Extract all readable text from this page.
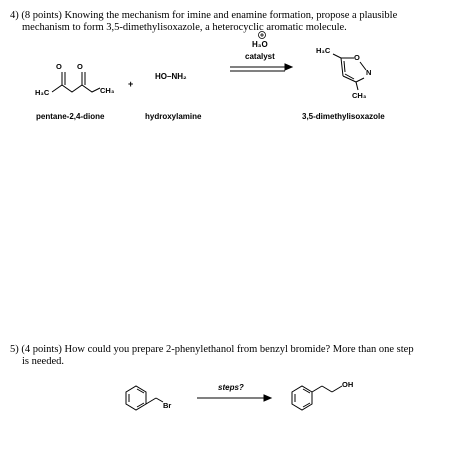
4) (8 points) Knowing the mechanism for imine and enamine formation, propose a plausible

mechanism to form 3,5-dimethylisoxazole, a heterocyclic aromatic molecule.

O O
H₃C	CH₃
pentane-2,4-dione
+
HO–NH₂
hydroxylamine
H₃O
catalyst
H₃C
O
N
CH₃
3,5-dimethylisoxazole

5) (4 points) How could you prepare 2-phenylethanol from benzyl bromide? More than one step

is needed.

Br
steps?	OH
